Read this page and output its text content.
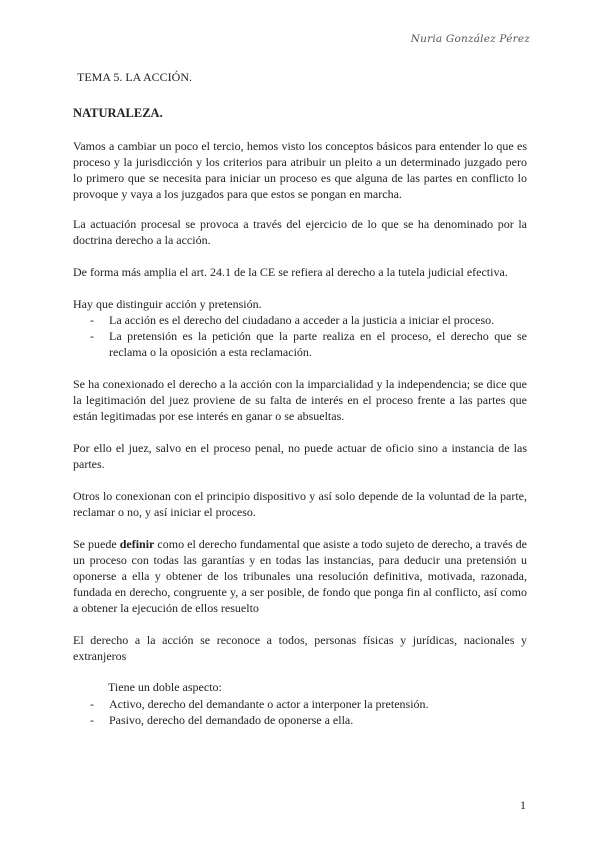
Nuria González Pérez
TEMA 5. LA ACCIÓN.
NATURALEZA.

Vamos a cambiar un poco el tercio, hemos visto los conceptos básicos para entender lo que es proceso y la jurisdicción y los criterios para atribuir un pleito a un determinado juzgado pero lo primero que se necesita para iniciar un proceso es que alguna de las partes en conflicto lo provoque y vaya a los juzgados para que estos se pongan en marcha.

La actuación procesal se provoca a través del ejercicio de lo que se ha denominado por la doctrina derecho a la acción.

De forma más amplia el art. 24.1 de la CE se refiera al derecho a la tutela judicial efectiva.

Hay que distinguir acción y pretensión.

- La acción es el derecho del ciudadano a acceder a la justicia a iniciar el proceso.
- La pretensión es la petición que la parte realiza en el proceso, el derecho que se reclama o la oposición a esta reclamación.

Se ha conexionado el derecho a la acción con la imparcialidad y la independencia; se dice que la legitimación del juez proviene de su falta de interés en el proceso frente a las partes que están legitimadas por ese interés en ganar o se absueltas.

Por ello el juez, salvo en el proceso penal, no puede actuar de oficio sino a instancia de las partes.

Otros lo conexionan con el principio dispositivo y así solo depende de la voluntad de la parte, reclamar o no, y así iniciar el proceso.

Se puede definir como el derecho fundamental que asiste a todo sujeto de derecho, a través de un proceso con todas las garantías y en todas las instancias, para deducir una pretensión u oponerse a ella y obtener de los tribunales una resolución definitiva, motivada, razonada, fundada en derecho, congruente y, a ser posible, de fondo que ponga fin al conflicto, así como a obtener la ejecución de ellos resuelto

El derecho a la acción se reconoce a todos, personas físicas y jurídicas, nacionales y extranjeros

Tiene un doble aspecto:
- Activo, derecho del demandante o actor a interponer la pretensión.
- Pasivo, derecho del demandado de oponerse a ella.
1
